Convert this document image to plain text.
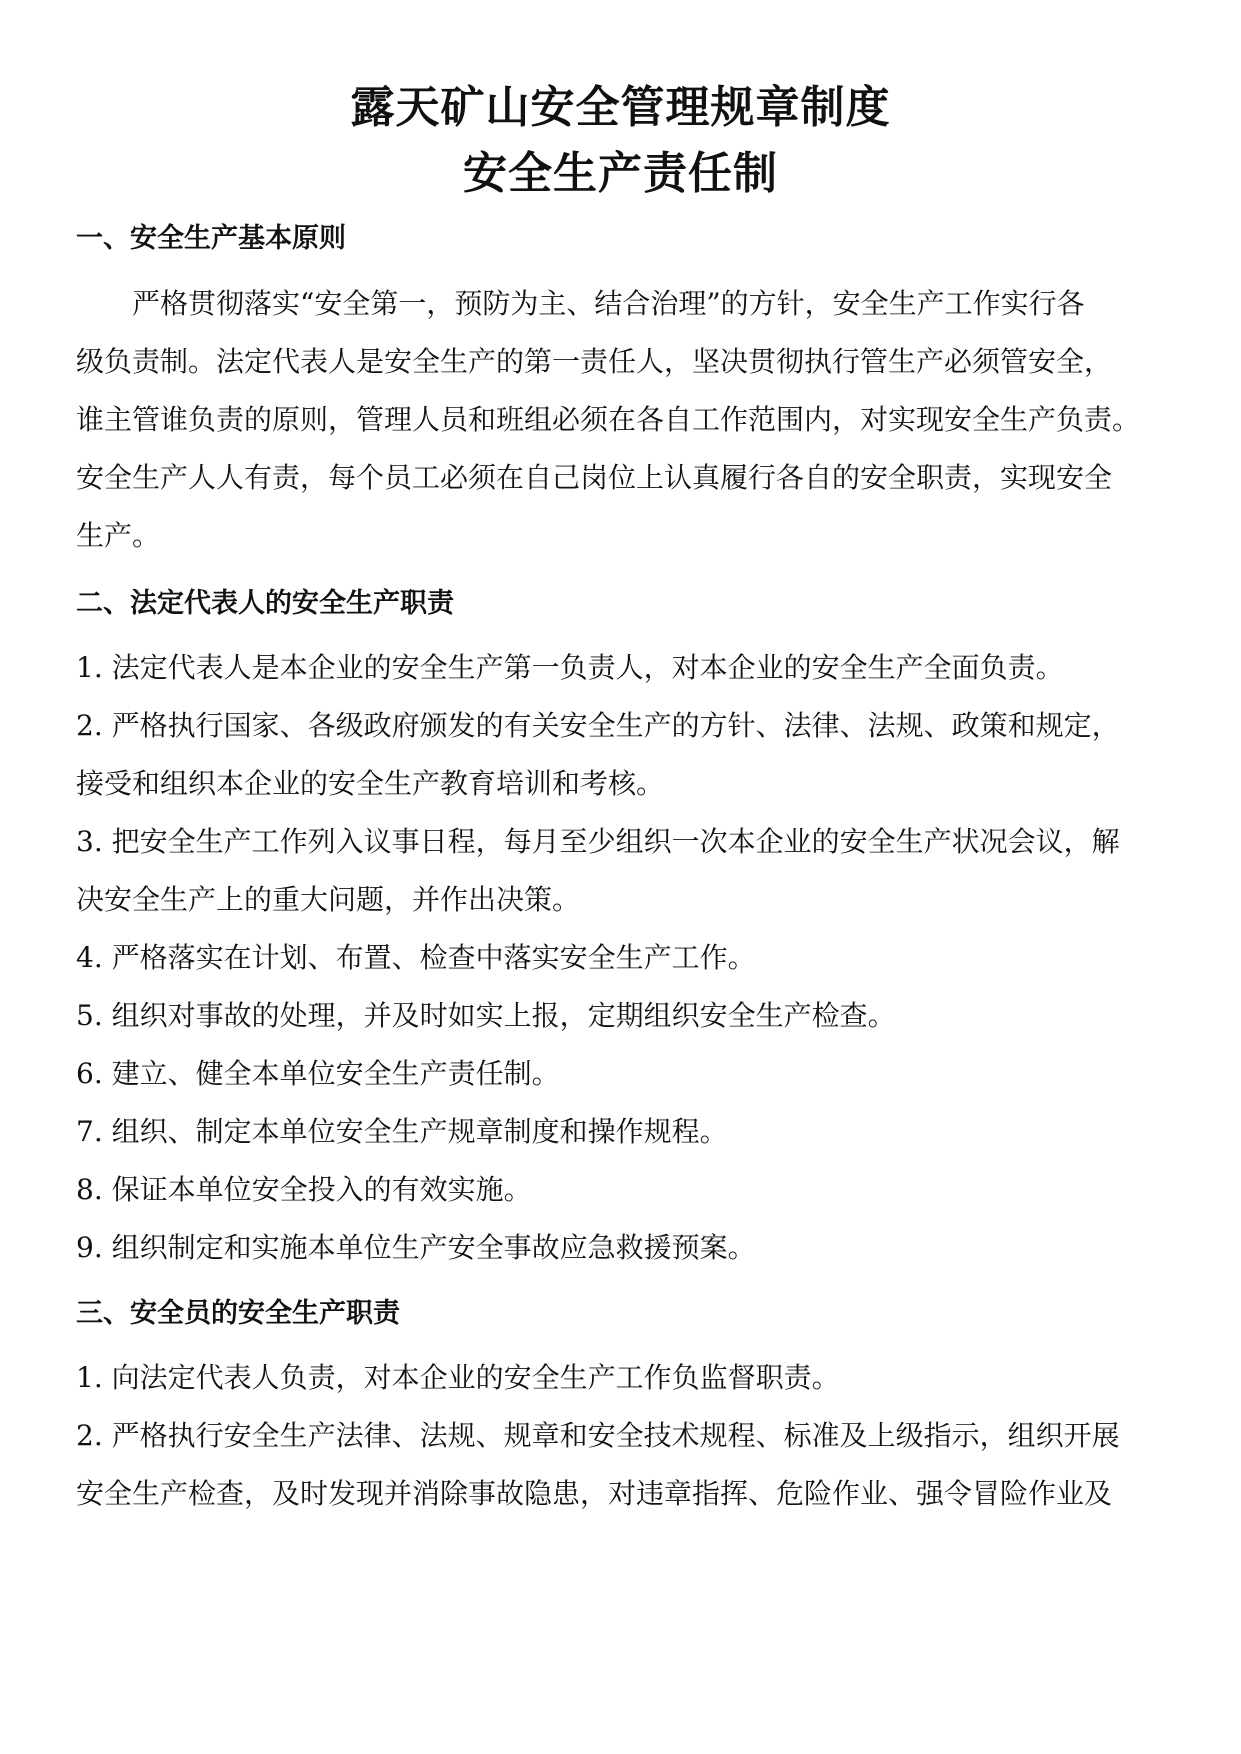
露天矿山安全管理规章制度
安全生产责任制

一、安全生产基本原则

严格贯彻落实“安全第一，预防为主、结合治理”的方针，安全生产工作实行各

级负责制。法定代表人是安全生产的第一责任人，坚决贯彻执行管生产必须管安全，

谁主管谁负责的原则，管理人员和班组必须在各自工作范围内，对实现安全生产负责。

安全生产人人有责，每个员工必须在自己岗位上认真履行各自的安全职责，实现安全

生产。

二、法定代表人的安全生产职责

1. 法定代表人是本企业的安全生产第一负责人，对本企业的安全生产全面负责。

2. 严格执行国家、各级政府颁发的有关安全生产的方针、法律、法规、政策和规定，

接受和组织本企业的安全生产教育培训和考核。

3. 把安全生产工作列入议事日程，每月至少组织一次本企业的安全生产状况会议，解

决安全生产上的重大问题，并作出决策。

4. 严格落实在计划、布置、检查中落实安全生产工作。

5. 组织对事故的处理，并及时如实上报，定期组织安全生产检查。

6. 建立、健全本单位安全生产责任制。

7. 组织、制定本单位安全生产规章制度和操作规程。

8. 保证本单位安全投入的有效实施。

9. 组织制定和实施本单位生产安全事故应急救援预案。

三、安全员的安全生产职责

1. 向法定代表人负责，对本企业的安全生产工作负监督职责。

2. 严格执行安全生产法律、法规、规章和安全技术规程、标准及上级指示，组织开展

安全生产检查，及时发现并消除事故隐患，对违章指挥、危险作业、强令冒险作业及
